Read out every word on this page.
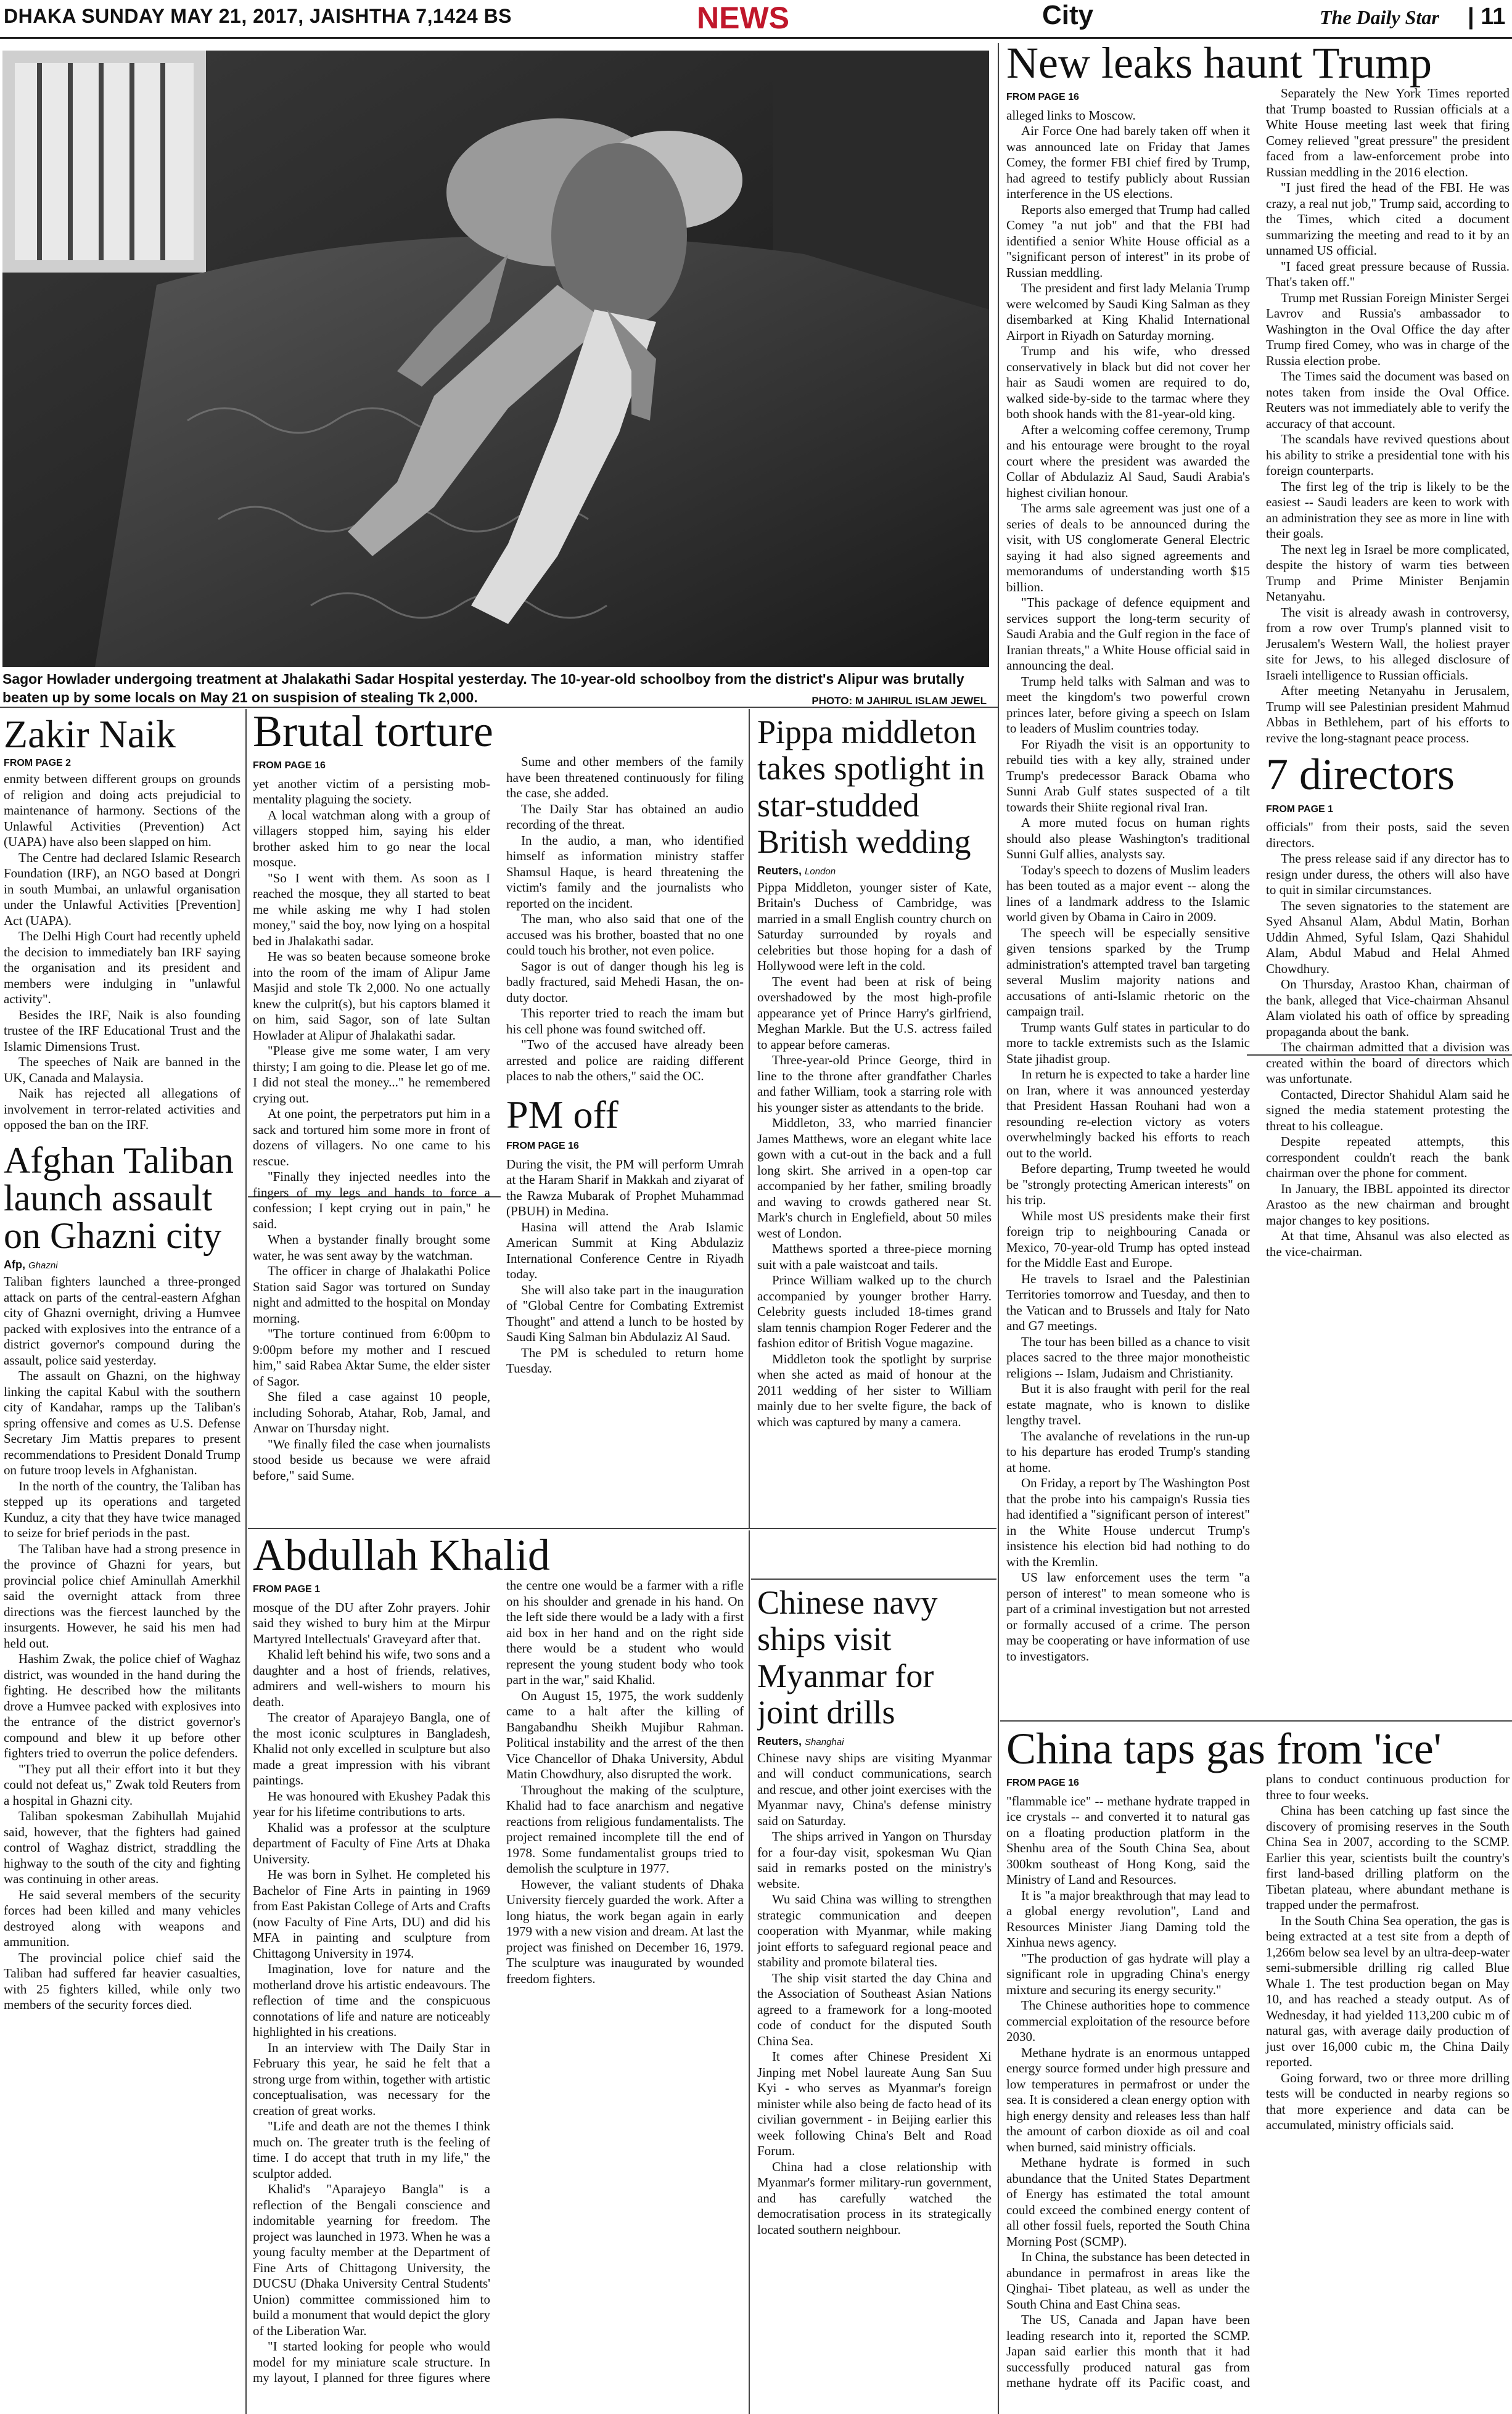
DHAKA SUNDAY MAY 21, 2017, JAISHTHA 7,1424 BS	NEWS	City	The Daily Star | 11
Sagor Howlader undergoing treatment at Jhalakathi Sadar Hospital yesterday. The 10-year-old schoolboy from the district's Alipur was brutally beaten up by some locals on May 21 on suspision of stealing Tk 2,000.	PHOTO: M JAHIRUL ISLAM JEWEL
New leaks haunt Trump
FROM PAGE 16

alleged links to Moscow.

Air Force One had barely taken off when it was announced late on Friday that James Comey, the former FBI chief fired by Trump, had agreed to testify publicly about Russian interference in the US elections.

Reports also emerged that Trump had called Comey "a nut job" and that the FBI had identified a senior White House official as a "significant person of interest" in its probe of Russian meddling.

The president and first lady Melania Trump were welcomed by Saudi King Salman as they disembarked at King Khalid International Airport in Riyadh on Saturday morning.

Trump and his wife, who dressed conservatively in black but did not cover her hair as Saudi women are required to do, walked side-by-side to the tarmac where they both shook hands with the 81-year-old king.

After a welcoming coffee ceremony, Trump and his entourage were brought to the royal court where the president was awarded the Collar of Abdulaziz Al Saud, Saudi Arabia's highest civilian honour.

The arms sale agreement was just one of a series of deals to be announced during the visit, with US conglomerate General Electric saying it had also signed agreements and memorandums of understanding worth $15 billion.

"This package of defence equipment and services support the long-term security of Saudi Arabia and the Gulf region in the face of Iranian threats," a White House official said in announcing the deal.

Trump held talks with Salman and was to meet the kingdom's two powerful crown princes later, before giving a speech on Islam to leaders of Muslim countries today.

For Riyadh the visit is an opportunity to rebuild ties with a key ally, strained under Trump's predecessor Barack Obama who Sunni Arab Gulf states suspected of a tilt towards their Shiite regional rival Iran.

A more muted focus on human rights should also please Washington's traditional Sunni Gulf allies, analysts say.

Today's speech to dozens of Muslim leaders has been touted as a major event -- along the lines of a landmark address to the Islamic world given by Obama in Cairo in 2009.

The speech will be especially sensitive given tensions sparked by the Trump administration's attempted travel ban targeting several Muslim majority nations and accusations of anti-Islamic rhetoric on the campaign trail.

Trump wants Gulf states in particular to do more to tackle extremists such as the Islamic State jihadist group.

In return he is expected to take a harder line on Iran, where it was announced yesterday that President Hassan Rouhani had won a resounding re-election victory as voters overwhelmingly backed his efforts to reach out to the world.

Before departing, Trump tweeted he would be "strongly protecting American interests" on his trip.

While most US presidents make their first foreign trip to neighbouring Canada or Mexico, 70-year-old Trump has opted instead for the Middle East and Europe.

He travels to Israel and the Palestinian Territories tomorrow and Tuesday, and then to the Vatican and to Brussels and Italy for Nato and G7 meetings.

The tour has been billed as a chance to visit places sacred to the three major monotheistic religions -- Islam, Judaism and Christianity.

But it is also fraught with peril for the real estate magnate, who is known to dislike lengthy travel.

The avalanche of revelations in the run-up to his departure has eroded Trump's standing at home.

On Friday, a report by The Washington Post that the probe into his campaign's Russia ties had identified a "significant person of interest" in the White House undercut Trump's insistence his election bid had nothing to do with the Kremlin.

US law enforcement uses the term "a person of interest" to mean someone who is part of a criminal investigation but not arrested or formally accused of a crime. The person may be cooperating or have information of use to investigators.

Separately the New York Times reported that Trump boasted to Russian officials at a White House meeting last week that firing Comey relieved "great pressure" the president faced from a law-enforcement probe into Russian meddling in the 2016 election.

"I just fired the head of the FBI. He was crazy, a real nut job," Trump said, according to the Times, which cited a document summarizing the meeting and read to it by an unnamed US official.

"I faced great pressure because of Russia. That's taken off."

Trump met Russian Foreign Minister Sergei Lavrov and Russia's ambassador to Washington in the Oval Office the day after Trump fired Comey, who was in charge of the Russia election probe.

The Times said the document was based on notes taken from inside the Oval Office. Reuters was not immediately able to verify the accuracy of that account.

The scandals have revived questions about his ability to strike a presidential tone with his foreign counterparts.

The first leg of the trip is likely to be the easiest -- Saudi leaders are keen to work with an administration they see as more in line with their goals.

The next leg in Israel be more complicated, despite the history of warm ties between Trump and Prime Minister Benjamin Netanyahu.

The visit is already awash in controversy, from a row over Trump's planned visit to Jerusalem's Western Wall, the holiest prayer site for Jews, to his alleged disclosure of Israeli intelligence to Russian officials.

After meeting Netanyahu in Jerusalem, Trump will see Palestinian president Mahmud Abbas in Bethlehem, part of his efforts to revive the long-stagnant peace process.

7 directors
FROM PAGE 1

officials" from their posts, said the seven directors.

The press release said if any director has to resign under duress, the others will also have to quit in similar circumstances.

The seven signatories to the statement are Syed Ahsanul Alam, Abdul Matin, Borhan Uddin Ahmed, Syful Islam, Qazi Shahidul Alam, Abdul Mabud and Helal Ahmed Chowdhury.

On Thursday, Arastoo Khan, chairman of the bank, alleged that Vice-chairman Ahsanul Alam violated his oath of office by spreading propaganda about the bank.

The chairman admitted that a division was created within the board of directors which was unfortunate.

Contacted, Director Shahidul Alam said he signed the media statement protesting the threat to his colleague.

Despite repeated attempts, this correspondent couldn't reach the bank chairman over the phone for comment.

In January, the IBBL appointed its director Arastoo as the new chairman and brought major changes to key positions.

At that time, Ahsanul was also elected as the vice-chairman.

Zakir Naik
FROM PAGE 2

enmity between different groups on grounds of religion and doing acts prejudicial to maintenance of harmony. Sections of the Unlawful Activities (Prevention) Act (UAPA) have also been slapped on him.

The Centre had declared Islamic Research Foundation (IRF), an NGO based at Dongri in south Mumbai, an unlawful organisation under the Unlawful Activities [Prevention] Act (UAPA).

The Delhi High Court had recently upheld the decision to immediately ban IRF saying the organisation and its president and members were indulging in "unlawful activity".

Besides the IRF, Naik is also founding trustee of the IRF Educational Trust and the Islamic Dimensions Trust.

The speeches of Naik are banned in the UK, Canada and Malaysia.

Naik has rejected all allegations of involvement in terror-related activities and opposed the ban on the IRF.

Afghan Taliban launch assault on Ghazni city
Afp, Ghazni

Taliban fighters launched a three-pronged attack on parts of the central-eastern Afghan city of Ghazni overnight, driving a Humvee packed with explosives into the entrance of a district governor's compound during the assault, police said yesterday.

The assault on Ghazni, on the highway linking the capital Kabul with the southern city of Kandahar, ramps up the Taliban's spring offensive and comes as U.S. Defense Secretary Jim Mattis prepares to present recommendations to President Donald Trump on future troop levels in Afghanistan.

In the north of the country, the Taliban has stepped up its operations and targeted Kunduz, a city that they have twice managed to seize for brief periods in the past.

The Taliban have had a strong presence in the province of Ghazni for years, but provincial police chief Aminullah Amerkhil said the overnight attack from three directions was the fiercest launched by the insurgents. However, he said his men had held out.

Hashim Zwak, the police chief of Waghaz district, was wounded in the hand during the fighting. He described how the militants drove a Humvee packed with explosives into the entrance of the district governor's compound and blew it up before other fighters tried to overrun the police defenders.

"They put all their effort into it but they could not defeat us," Zwak told Reuters from a hospital in Ghazni city.

Taliban spokesman Zabihullah Mujahid said, however, that the fighters had gained control of Waghaz district, straddling the highway to the south of the city and fighting was continuing in other areas.

He said several members of the security forces had been killed and many vehicles destroyed along with weapons and ammunition.

The provincial police chief said the Taliban had suffered far heavier casualties, with 25 fighters killed, while only two members of the security forces died.

Brutal torture
FROM PAGE 16

yet another victim of a persisting mob-mentality plaguing the society.

A local watchman along with a group of villagers stopped him, saying his elder brother asked him to go near the local mosque.

"So I went with them. As soon as I reached the mosque, they all started to beat me while asking me why I had stolen money," said the boy, now lying on a hospital bed in Jhalakathi sadar.

He was so beaten because someone broke into the room of the imam of Alipur Jame Masjid and stole Tk 2,000. No one actually knew the culprit(s), but his captors blamed it on him, said Sagor, son of late Sultan Howlader at Alipur of Jhalakathi sadar.

"Please give me some water, I am very thirsty; I am going to die. Please let go of me. I did not steal the money..." he remembered crying out.

At one point, the perpetrators put him in a sack and tortured him some more in front of dozens of villagers. No one came to his rescue.

"Finally they injected needles into the fingers of my legs and hands to force a confession; I kept crying out in pain," he said.

When a bystander finally brought some water, he was sent away by the watchman.

The officer in charge of Jhalakathi Police Station said Sagor was tortured on Sunday night and admitted to the hospital on Monday morning.

"The torture continued from 6:00pm to 9:00pm before my mother and I rescued him," said Rabea Aktar Sume, the elder sister of Sagor.

She filed a case against 10 people, including Sohorab, Atahar, Rob, Jamal, and Anwar on Thursday night.

"We finally filed the case when journalists stood beside us because we were afraid before," said Sume.

Sume and other members of the family have been threatened continuously for filing the case, she added.

The Daily Star has obtained an audio recording of the threat.

In the audio, a man, who identified himself as information ministry staffer Shamsul Haque, is heard threatening the victim's family and the journalists who reported on the incident.

The man, who also said that one of the accused was his brother, boasted that no one could touch his brother, not even police.

Sagor is out of danger though his leg is badly fractured, said Mehedi Hasan, the on-duty doctor.

This reporter tried to reach the imam but his cell phone was found switched off.

"Two of the accused have already been arrested and police are raiding different places to nab the others," said the OC.

PM off
FROM PAGE 16

During the visit, the PM will perform Umrah at the Haram Sharif in Makkah and ziyarat of the Rawza Mubarak of Prophet Muhammad (PBUH) in Medina.

Hasina will attend the Arab Islamic American Summit at King Abdulaziz International Conference Centre in Riyadh today.

She will also take part in the inauguration of "Global Centre for Combating Extremist Thought" and attend a lunch to be hosted by Saudi King Salman bin Abdulaziz Al Saud.

The PM is scheduled to return home Tuesday.

Pippa middleton takes spotlight in star-studded British wedding
Reuters, London

Pippa Middleton, younger sister of Kate, Britain's Duchess of Cambridge, was married in a small English country church on Saturday surrounded by royals and celebrities but those hoping for a dash of Hollywood were left in the cold.

The event had been at risk of being overshadowed by the most high-profile appearance yet of Prince Harry's girlfriend, Meghan Markle. But the U.S. actress failed to appear before cameras.

Three-year-old Prince George, third in line to the throne after grandfather Charles and father William, took a starring role with his younger sister as attendants to the bride.

Middleton, 33, who married financier James Matthews, wore an elegant white lace gown with a cut-out in the back and a full long skirt. She arrived in a open-top car accompanied by her father, smiling broadly and waving to crowds gathered near St. Mark's church in Englefield, about 50 miles west of London.

Matthews sported a three-piece morning suit with a pale waistcoat and tails.

Prince William walked up to the church accompanied by younger brother Harry. Celebrity guests included 18-times grand slam tennis champion Roger Federer and the fashion editor of British Vogue magazine.

Middleton took the spotlight by surprise when she acted as maid of honour at the 2011 wedding of her sister to William mainly due to her svelte figure, the back of which was captured by many a camera.

Abdullah Khalid
FROM PAGE 1

mosque of the DU after Zohr prayers. Johir said they wished to bury him at the Mirpur Martyred Intellectuals' Graveyard after that.

Khalid left behind his wife, two sons and a daughter and a host of friends, relatives, admirers and well-wishers to mourn his death.

The creator of Aparajeyo Bangla, one of the most iconic sculptures in Bangladesh, Khalid not only excelled in sculpture but also made a great impression with his vibrant paintings.

He was honoured with Ekushey Padak this year for his lifetime contributions to arts.

Khalid was a professor at the sculpture department of Faculty of Fine Arts at Dhaka University.

He was born in Sylhet. He completed his Bachelor of Fine Arts in painting in 1969 from East Pakistan College of Arts and Crafts (now Faculty of Fine Arts, DU) and did his MFA in painting and sculpture from Chittagong University in 1974.

Imagination, love for nature and the motherland drove his artistic endeavours. The reflection of time and the conspicuous connotations of life and nature are noticeably highlighted in his creations.

In an interview with The Daily Star in February this year, he said he felt that a strong urge from within, together with artistic conceptualisation, was necessary for the creation of great works.

"Life and death are not the themes I think much on. The greater truth is the feeling of time. I do accept that truth in my life," the sculptor added.

Khalid's "Aparajeyo Bangla" is a reflection of the Bengali conscience and indomitable yearning for freedom. The project was launched in 1973. When he was a young faculty member at the Department of Fine Arts of Chittagong University, the DUCSU (Dhaka University Central Students' Union) committee commissioned him to build a monument that would depict the glory of the Liberation War.

"I started looking for people who would model for my miniature scale structure. In my layout, I planned for three figures where the centre one would be a farmer with a rifle on his shoulder and grenade in his hand. On the left side there would be a lady with a first aid box in her hand and on the right side there would be a student who would represent the young student body who took part in the war," said Khalid.

On August 15, 1975, the work suddenly came to a halt after the killing of Bangabandhu Sheikh Mujibur Rahman. Political instability and the arrest of the then Vice Chancellor of Dhaka University, Abdul Matin Chowdhury, also disrupted the work.

Throughout the making of the sculpture, Khalid had to face anarchism and negative reactions from religious fundamentalists. The project remained incomplete till the end of 1978. Some fundamentalist groups tried to demolish the sculpture in 1977.

However, the valiant students of Dhaka University fiercely guarded the work. After a long hiatus, the work began again in early 1979 with a new vision and dream. At last the project was finished on December 16, 1979. The sculpture was inaugurated by wounded freedom fighters.

Chinese navy ships visit Myanmar for joint drills
Reuters, Shanghai

Chinese navy ships are visiting Myanmar and will conduct communications, search and rescue, and other joint exercises with the Myanmar navy, China's defense ministry said on Saturday.

The ships arrived in Yangon on Thursday for a four-day visit, spokesman Wu Qian said in remarks posted on the ministry's website.

Wu said China was willing to strengthen strategic communication and deepen cooperation with Myanmar, while making joint efforts to safeguard regional peace and stability and promote bilateral ties.

The ship visit started the day China and the Association of Southeast Asian Nations agreed to a framework for a long-mooted code of conduct for the disputed South China Sea.

It comes after Chinese President Xi Jinping met Nobel laureate Aung San Suu Kyi - who serves as Myanmar's foreign minister while also being de facto head of its civilian government - in Beijing earlier this week following China's Belt and Road Forum.

China had a close relationship with Myanmar's former military-run government, and has carefully watched the democratisation process in its strategically located southern neighbour.

China taps gas from 'ice'
FROM PAGE 16

"flammable ice" -- methane hydrate trapped in ice crystals -- and converted it to natural gas on a floating production platform in the Shenhu area of the South China Sea, about 300km southeast of Hong Kong, said the Ministry of Land and Resources.

It is "a major breakthrough that may lead to a global energy revolution", Land and Resources Minister Jiang Daming told the Xinhua news agency.

"The production of gas hydrate will play a significant role in upgrading China's energy mixture and securing its energy security."

The Chinese authorities hope to commence commercial exploitation of the resource before 2030.

Methane hydrate is an enormous untapped energy source formed under high pressure and low temperatures in permafrost or under the sea. It is considered a clean energy option with high energy density and releases less than half the amount of carbon dioxide as oil and coal when burned, said ministry officials.

Methane hydrate is formed in such abundance that the United States Department of Energy has estimated the total amount could exceed the combined energy content of all other fossil fuels, reported the South China Morning Post (SCMP).

In China, the substance has been detected in abundance in permafrost in areas like the Qinghai- Tibet plateau, as well as under the South China and East China seas.

The US, Canada and Japan have been leading research into it, reported the SCMP. Japan said earlier this month that it had successfully produced natural gas from methane hydrate off its Pacific coast, and plans to conduct continuous production for three to four weeks.

China has been catching up fast since the discovery of promising reserves in the South China Sea in 2007, according to the SCMP. Earlier this year, scientists built the country's first land-based drilling platform on the Tibetan plateau, where abundant methane is trapped under the permafrost.

In the South China Sea operation, the gas is being extracted at a test site from a depth of 1,266m below sea level by an ultra-deep-water semi-submersible drilling rig called Blue Whale 1. The test production began on May 10, and has reached a steady output. As of Wednesday, it had yielded 113,200 cubic m of natural gas, with average daily production of just over 16,000 cubic m, the China Daily reported.

Going forward, two or three more drilling tests will be conducted in nearby regions so that more experience and data can be accumulated, ministry officials said.
